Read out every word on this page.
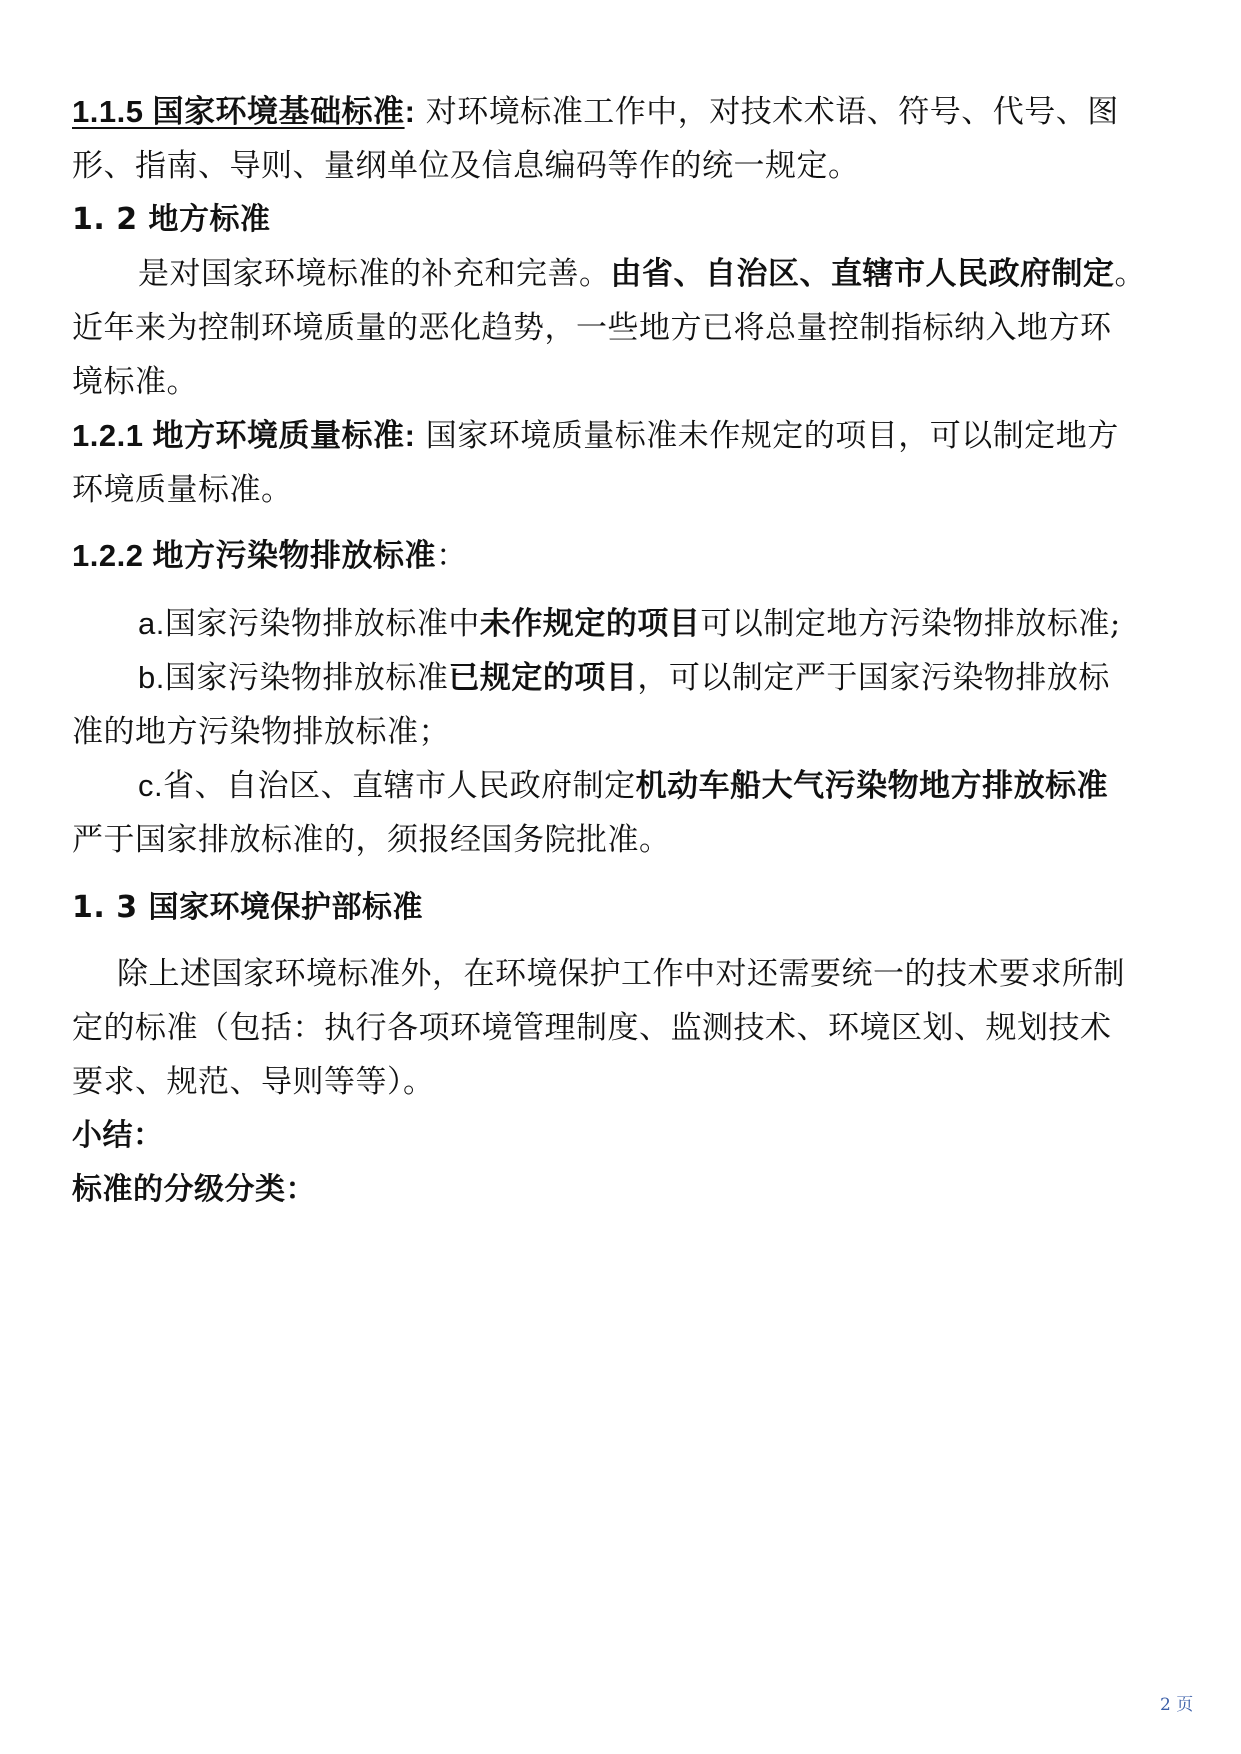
1.1.5 国家环境基础标准: 对环境标准工作中，对技术术语、符号、代号、图
形、指南、导则、量纲单位及信息编码等作的统一规定。
1. 2 地方标准
是对国家环境标准的补充和完善。由省、自治区、直辖市人民政府制定。
近年来为控制环境质量的恶化趋势，一些地方已将总量控制指标纳入地方环
境标准。
1.2.1 地方环境质量标准: 国家环境质量标准未作规定的项目，可以制定地方
环境质量标准。
1.2.2 地方污染物排放标准：
a.国家污染物排放标准中未作规定的项目可以制定地方污染物排放标准;
b.国家污染物排放标准已规定的项目，可以制定严于国家污染物排放标
准的地方污染物排放标准；
c.省、自治区、直辖市人民政府制定机动车船大气污染物地方排放标准
严于国家排放标准的，须报经国务院批准。
1. 3 国家环境保护部标准
除上述国家环境标准外，在环境保护工作中对还需要统一的技术要求所制
定的标准（包括：执行各项环境管理制度、监测技术、环境区划、规划技术
要求、规范、导则等等）。
小结：
标准的分级分类：
2 页
